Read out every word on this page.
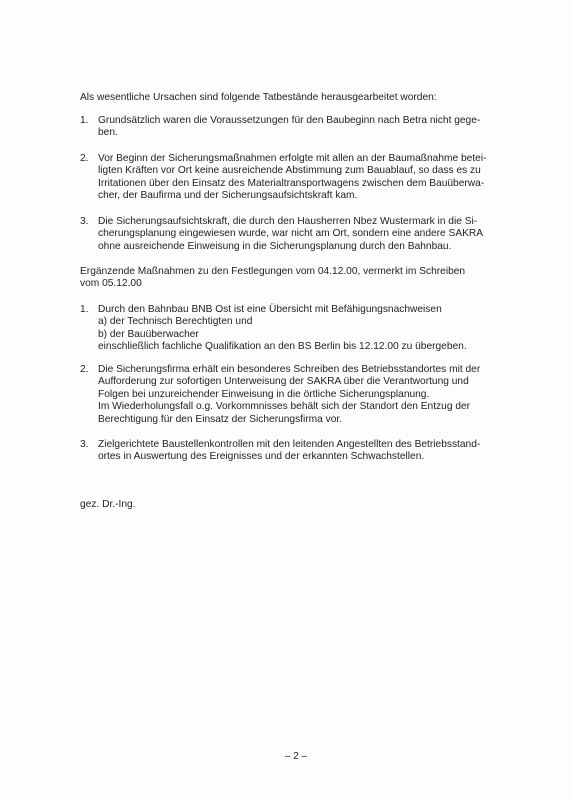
Als wesentliche Ursachen sind folgende Tatbestände herausgearbeitet worden:
1. Grundsätzlich waren die Voraussetzungen für den Baubeginn nach Betra nicht gege-
ben.
2. Vor Beginn der Sicherungsmaßnahmen erfolgte mit allen an der Baumaßnahme betei-
ligten Kräften vor Ort keine ausreichende Abstimmung zum Bauablauf, so dass es zu
Irritationen über den Einsatz des Materialtransportwagens zwischen dem Bauüberwa-
cher, der Baufirma und der Sicherungsaufsichtskraft kam.
3. Die Sicherungsaufsichtskraft, die durch den Hausherren Nbez Wustermark in die Si-
cherungsplanung eingewiesen wurde, war nicht am Ort, sondern eine andere SAKRA
ohne ausreichende Einweisung in die Sicherungsplanung durch den Bahnbau.
Ergänzende Maßnahmen zu den Festlegungen vom 04.12.00, vermerkt im Schreiben
vom 05.12.00
1. Durch den Bahnbau BNB Ost ist eine Übersicht mit Befähigungsnachweisen
a) der Technisch Berechtigten und
b) der Bauüberwacher
einschließlich fachliche Qualifikation an den BS Berlin bis 12.12.00 zu übergeben.
2. Die Sicherungsfirma erhält ein besonderes Schreiben des Betriebsstandortes mit der
Aufforderung zur sofortigen Unterweisung der SAKRA über die Verantwortung und
Folgen bei unzureichender Einweisung in die örtliche Sicherungsplanung.
Im Wiederholungsfall o.g. Vorkommnisses behält sich der Standort den Entzug der
Berechtigung für den Einsatz der Sicherungsfirma vor.
3. Zielgerichtete Baustellenkontrollen mit den leitenden Angestellten des Betriebsstand-
ortes in Auswertung des Ereignisses und der erkannten Schwachstellen.
gez. Dr.-Ing.
– 2 –
